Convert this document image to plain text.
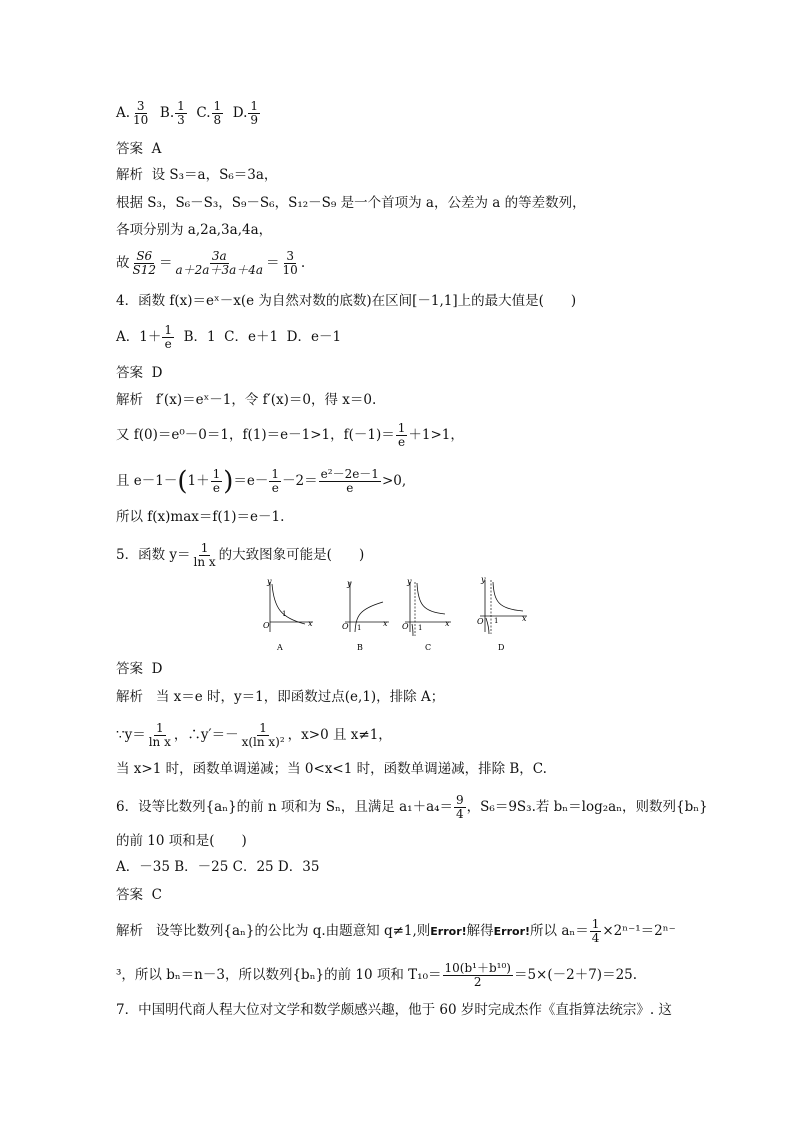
A. $\frac{3}{10} B$. $\frac{1}{3} C$. $\frac{1}{8} D$. $\frac{1}{9}$
答案 A
解析 设 S₃＝a，S₆＝3a，
根据 S₃，S₆－S₃，S₉－S₆，S₁₂－S₉ 是一个首项为 a，公差为 a 的等差数列，
各项分别为 a,2a,3a,4a，
故 $\frac{S6}{S12} = \frac{3a}{a+2a+3a+4a} = \frac{3}{10}$ .
4．函数 f(x)＝eˣ－x(e 为自然对数的底数)在区间[－1,1]上的最大值是(　　)
A．$1+ \frac{1}{e}$ B．1  C．e＋1  D．e－1
答案 D
解析 f′(x)＝eˣ－1，令 f′(x)＝0，得 x＝0.
又 f(0)＝e⁰－0＝1，f(1)＝e－1>1，$f(-1)= \frac{1}{e} +1>1$，
且 $e-1-(1+ \frac{1}{e} )=e- \frac{1}{e} -2= \frac{\text{e²－2e－1}}{e} >0$,
所以 f(x)max＝f(1)＝e－1.
5．函数 $y= \frac{1}{\text{ln x}}$ 的大致图象可能是(　　)
y
x
O
1
A
y
x
O 1
B
y
x
O 1
C
y
x
O 1
D
答案 D
解析 当 x＝e 时，y＝1，即函数过点(e,1)，排除 A；
∵y＝ $\frac{1}{\text{ln x}}$ ，∴y′＝－ $\frac{1}{\text{x(ln x)²}}$ ，x>0 且 x≠1，
当 x>1 时，函数单调递减；当 0<x<1 时，函数单调递减，排除 B，C.
6．设等比数列{aₙ}的前 n 项和为 Sₙ，且满足 $a_1+a_4= \frac{9}{4}$ ，S₆＝9S₃.若 bₙ＝log₂aₙ，则数列{bₙ}
的前 10 项和是(　　)
A．－35 B．－25 C．25 D．35
答案 C
解析 设等比数列{aₙ}的公比为 q.由题意知 q≠1,则Error!解得Error!所以 $a_n= \frac{1}{4} \times 2^{n-1}=2^{n-}$
³，所以 bₙ＝n－3，所以数列{bₙ}的前 10 项和 $T_{10}= \frac{\text{10(b¹＋b¹⁰)}}{2} =5\times(-2+7)=25$.
7．中国明代商人程大位对文学和数学颇感兴趣，他于 60 岁时完成杰作《直指算法统宗》. 这
